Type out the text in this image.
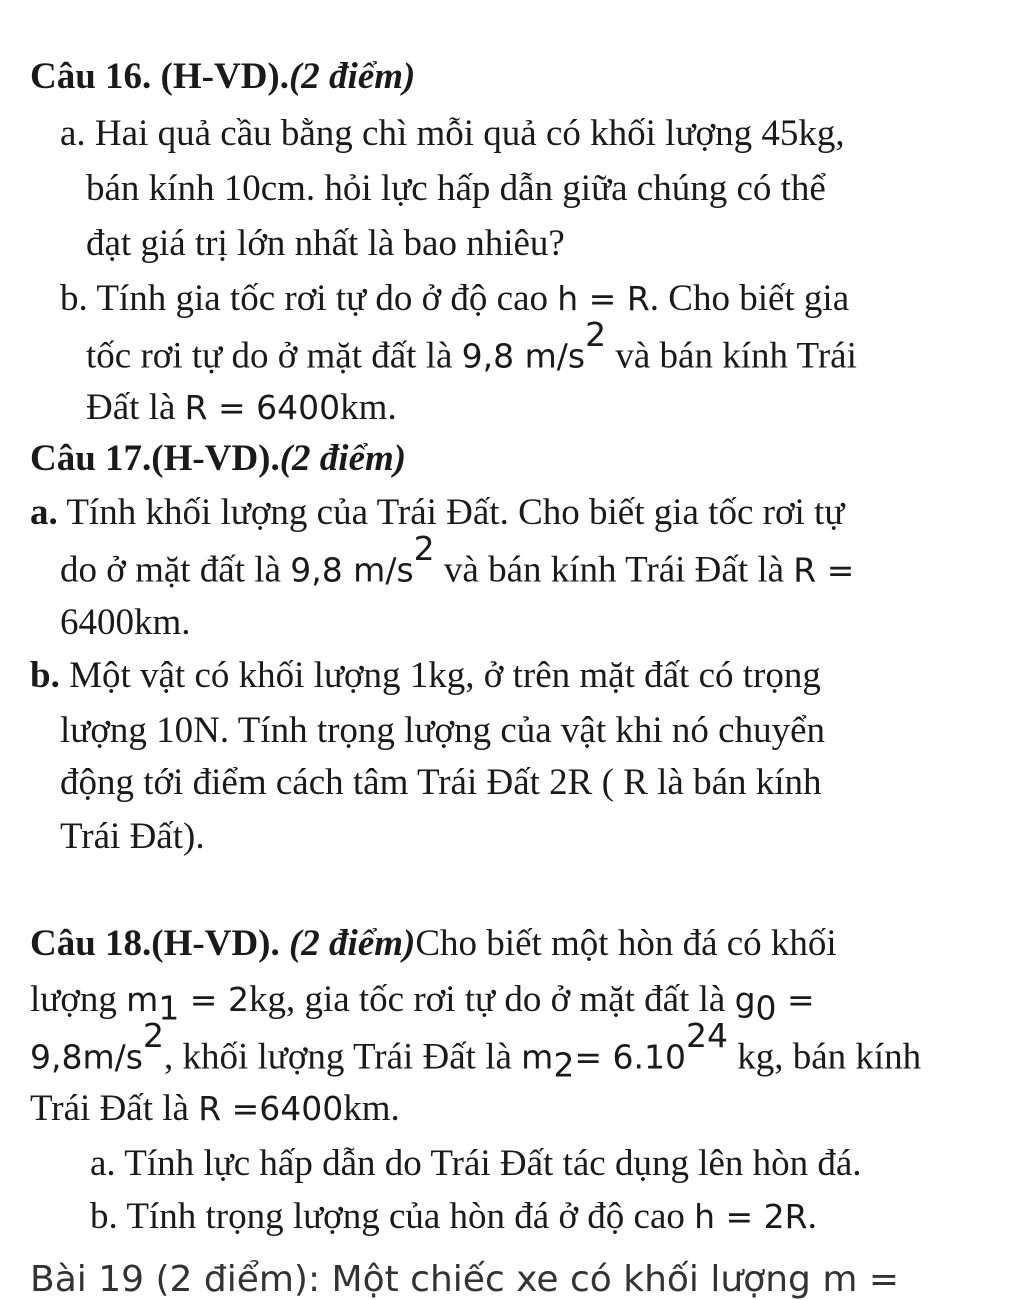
Câu 16. (H-VD).(2 điểm)
a. Hai quả cầu bằng chì mỗi quả có khối lượng 45kg,
bán kính 10cm. hỏi lực hấp dẫn giữa chúng có thể
đạt giá trị lớn nhất là bao nhiêu?
b. Tính gia tốc rơi tự do ở độ cao h = R. Cho biết gia
tốc rơi tự do ở mặt đất là 9,8 $m/s^2$ và bán kính Trái
Đất là R = 6400km.
Câu 17.(H-VD).(2 điểm)
a. Tính khối lượng của Trái Đất. Cho biết gia tốc rơi tự
do ở mặt đất là 9,8 $m/s^2$ và bán kính Trái Đất là R =
6400km.
b. Một vật có khối lượng 1kg, ở trên mặt đất có trọng
lượng 10N. Tính trọng lượng của vật khi nó chuyển
động tới điểm cách tâm Trái Đất 2R ( R là bán kính
Trái Đất).
Câu 18.(H-VD). (2 điểm)Cho biết một hòn đá có khối
lượng $m_1 = 2kg$, gia tốc rơi tự do ở mặt đất là $g_0$ =
$9,8m/s^2$, khối lượng Trái Đất là $m_2= 6.10^{24}$ kg, bán kính
Trái Đất là R =6400km.
a. Tính lực hấp dẫn do Trái Đất tác dụng lên hòn đá.
b. Tính trọng lượng của hòn đá ở độ cao h = 2R.
Bài 19 (2 điểm): Một chiếc xe có khối lượng m =
